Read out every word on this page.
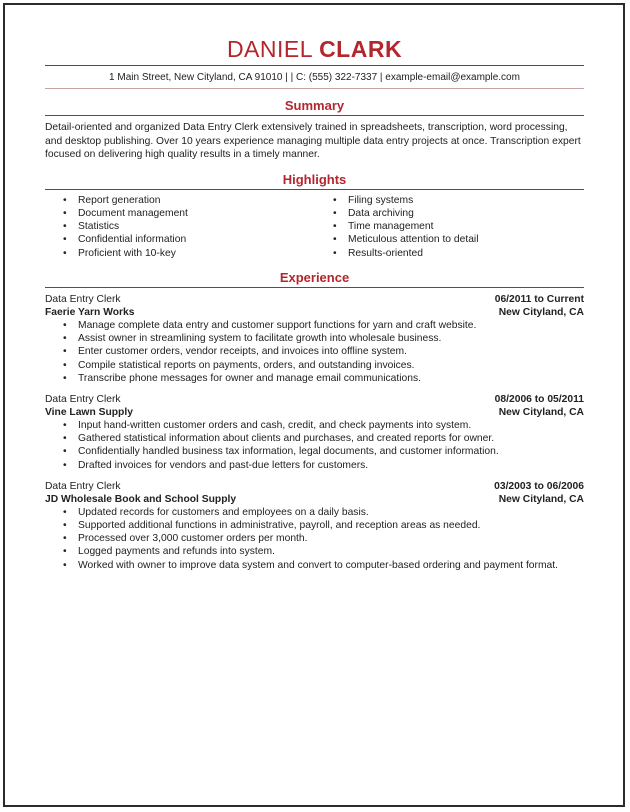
DANIEL CLARK
1 Main Street, New Cityland, CA 91010 | | C: (555) 322-7337 | example-email@example.com
Summary
Detail-oriented and organized Data Entry Clerk extensively trained in spreadsheets, transcription, word processing, and desktop publishing. Over 10 years experience managing multiple data entry projects at once. Transcription expert focused on delivering high quality results in a timely manner.
Highlights
• Report generation
• Document management
• Statistics
• Confidential information
• Proficient with 10-key
• Filing systems
• Data archiving
• Time management
• Meticulous attention to detail
• Results-oriented
Experience
Data Entry Clerk	06/2011 to Current
Faerie Yarn Works	New Cityland, CA
• Manage complete data entry and customer support functions for yarn and craft website.
• Assist owner in streamlining system to facilitate growth into wholesale business.
• Enter customer orders, vendor receipts, and invoices into offline system.
• Compile statistical reports on payments, orders, and outstanding invoices.
• Transcribe phone messages for owner and manage email communications.
Data Entry Clerk	08/2006 to 05/2011
Vine Lawn Supply	New Cityland, CA
• Input hand-written customer orders and cash, credit, and check payments into system.
• Gathered statistical information about clients and purchases, and created reports for owner.
• Confidentially handled business tax information, legal documents, and customer information.
• Drafted invoices for vendors and past-due letters for customers.
Data Entry Clerk	03/2003 to 06/2006
JD Wholesale Book and School Supply	New Cityland, CA
• Updated records for customers and employees on a daily basis.
• Supported additional functions in administrative, payroll, and reception areas as needed.
• Processed over 3,000 customer orders per month.
• Logged payments and refunds into system.
• Worked with owner to improve data system and convert to computer-based ordering and payment format.
